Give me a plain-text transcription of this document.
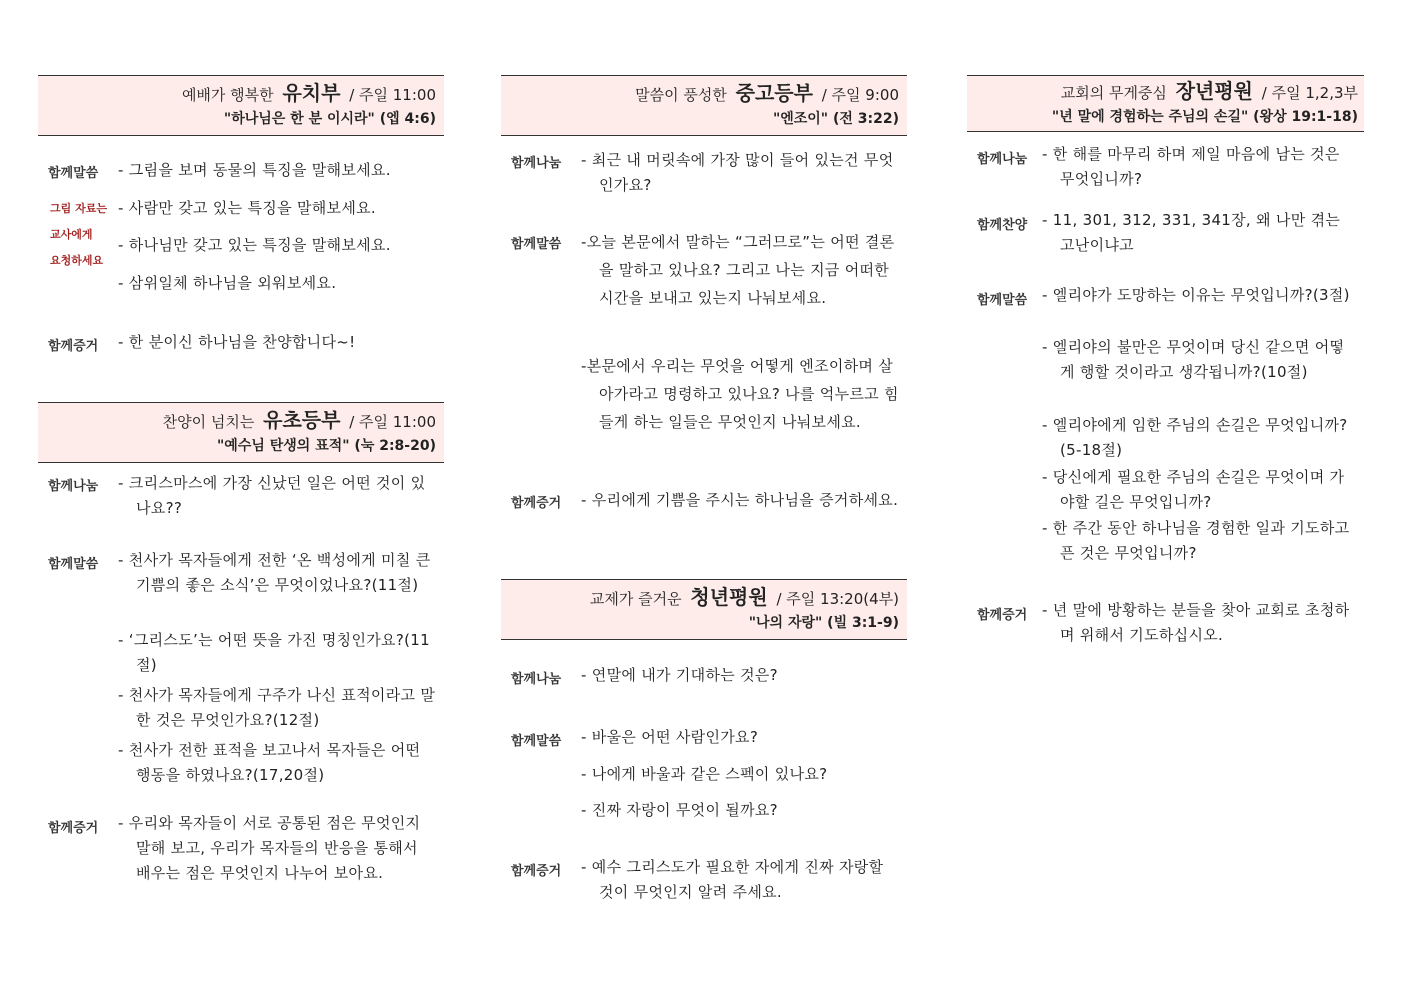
예배가 행복한 유치부 / 주일 11:00
"하나님은 한 분 이시라" (엡 4:6)
함께말씀 - 그림을 보며 동물의 특징을 말해보세요.
- 사람만 갖고 있는 특징을 말해보세요.
- 하나님만 갖고 있는 특징을 말해보세요.
- 삼위일체 하나님을 외워보세요.
그림 자료는
교사에게
요청하세요
함께증거 - 한 분이신 하나님을 찬양합니다~!
찬양이 넘치는 유초등부 / 주일 11:00
"예수님 탄생의 표적" (눅 2:8-20)
함께나눔 - 크리스마스에 가장 신났던 일은 어떤 것이 있나요??
함께말씀 - 천사가 목자들에게 전한 ‘온 백성에게 미칠 큰 기쁨의 좋은 소식’은 무엇이었나요?(11절)
- ‘그리스도’는 어떤 뜻을 가진 명칭인가요?(11절)
- 천사가 목자들에게 구주가 나신 표적이라고 말한 것은 무엇인가요?(12절)
- 천사가 전한 표적을 보고나서 목자들은 어떤 행동을 하였나요?(17,20절)
함께증거 - 우리와 목자들이 서로 공통된 점은 무엇인지 말해 보고, 우리가 목자들의 반응을 통해서 배우는 점은 무엇인지 나누어 보아요.
말씀이 풍성한 중고등부 / 주일 9:00
"엔조이" (전 3:22)
함께나눔 - 최근 내 머릿속에 가장 많이 들어 있는건 무엇인가요?
함께말씀 -오늘 본문에서 말하는 “그러므로”는 어떤 결론을 말하고 있나요? 그리고 나는 지금 어떠한 시간을 보내고 있는지 나눠보세요.
-본문에서 우리는 무엇을 어떻게 엔조이하며 살아가라고 명령하고 있나요? 나를 억누르고 힘들게 하는 일들은 무엇인지 나눠보세요.
함께증거 - 우리에게 기쁨을 주시는 하나님을 증거하세요.
교제가 즐거운 청년평원 / 주일 13:20(4부)
"나의 자랑" (빌 3:1-9)
함께나눔 - 연말에 내가 기대하는 것은?
함께말씀 - 바울은 어떤 사람인가요?
- 나에게 바울과 같은 스펙이 있나요?
- 진짜 자랑이 무엇이 될까요?
함께증거 - 예수 그리스도가 필요한 자에게 진짜 자랑할 것이 무엇인지 알려 주세요.
교회의 무게중심 장년평원 / 주일 1,2,3부
"년 말에 경험하는 주님의 손길" (왕상 19:1-18)
함께나눔 - 한 해를 마무리 하며 제일 마음에 남는 것은 무엇입니까?
함께찬양 - 11, 301, 312, 331, 341장, 왜 나만 겪는 고난이냐고
함께말씀 - 엘리야가 도망하는 이유는 무엇입니까?(3절)
- 엘리야의 불만은 무엇이며 당신 같으면 어떻게 행할 것이라고 생각됩니까?(10절)
- 엘리야에게 임한 주님의 손길은 무엇입니까?(5-18절)
- 당신에게 필요한 주님의 손길은 무엇이며 가야할 길은 무엇입니까?
- 한 주간 동안 하나님을 경험한 일과 기도하고픈 것은 무엇입니까?
함께증거 - 년 말에 방황하는 분들을 찾아 교회로 초청하며 위해서 기도하십시오.
